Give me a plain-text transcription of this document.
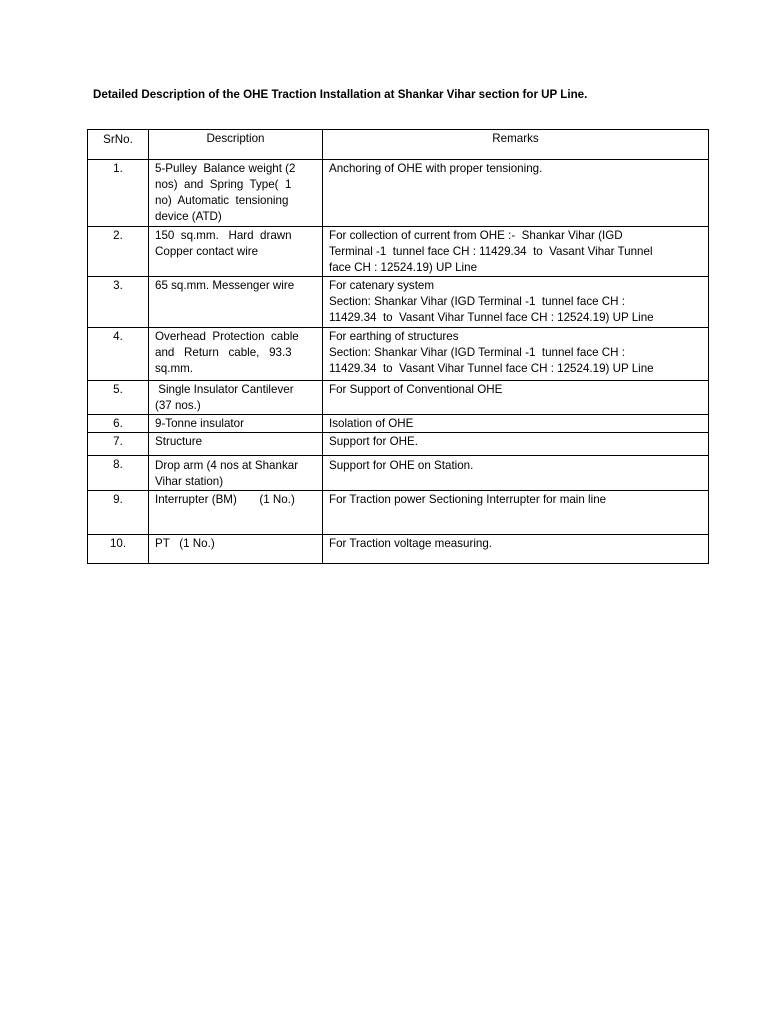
Detailed Description of the OHE Traction Installation at Shankar Vihar section for UP Line.
SrNo.	Description	Remarks
1.	5-Pulley  Balance weight (2
nos)  and  Spring  Type(  1
no)  Automatic  tensioning
device (ATD)	Anchoring of OHE with proper tensioning.

2.	150  sq.mm.   Hard  drawn
Copper contact wire	For collection of current from OHE :-  Shankar Vihar (IGD
Terminal -1  tunnel face CH : 11429.34  to  Vasant Vihar Tunnel
face CH : 12524.19) UP Line

3.	65 sq.mm. Messenger wire	For catenary system
Section: Shankar Vihar (IGD Terminal -1  tunnel face CH :
11429.34  to  Vasant Vihar Tunnel face CH : 12524.19) UP Line

4.	Overhead  Protection  cable
and   Return   cable,   93.3
sq.mm.	For earthing of structures
Section: Shankar Vihar (IGD Terminal -1  tunnel face CH :
11429.34  to  Vasant Vihar Tunnel face CH : 12524.19) UP Line

5.	Single Insulator Cantilever
(37 nos.)	For Support of Conventional OHE

6.	9-Tonne insulator	Isolation of OHE

7.	Structure	Support for OHE.

8.	Drop arm (4 nos at Shankar
Vihar station)	Support for OHE on Station.

9.	Interrupter (BM)       (1 No.)	For Traction power Sectioning Interrupter for main line

10.	PT   (1 No.)	For Traction voltage measuring.
